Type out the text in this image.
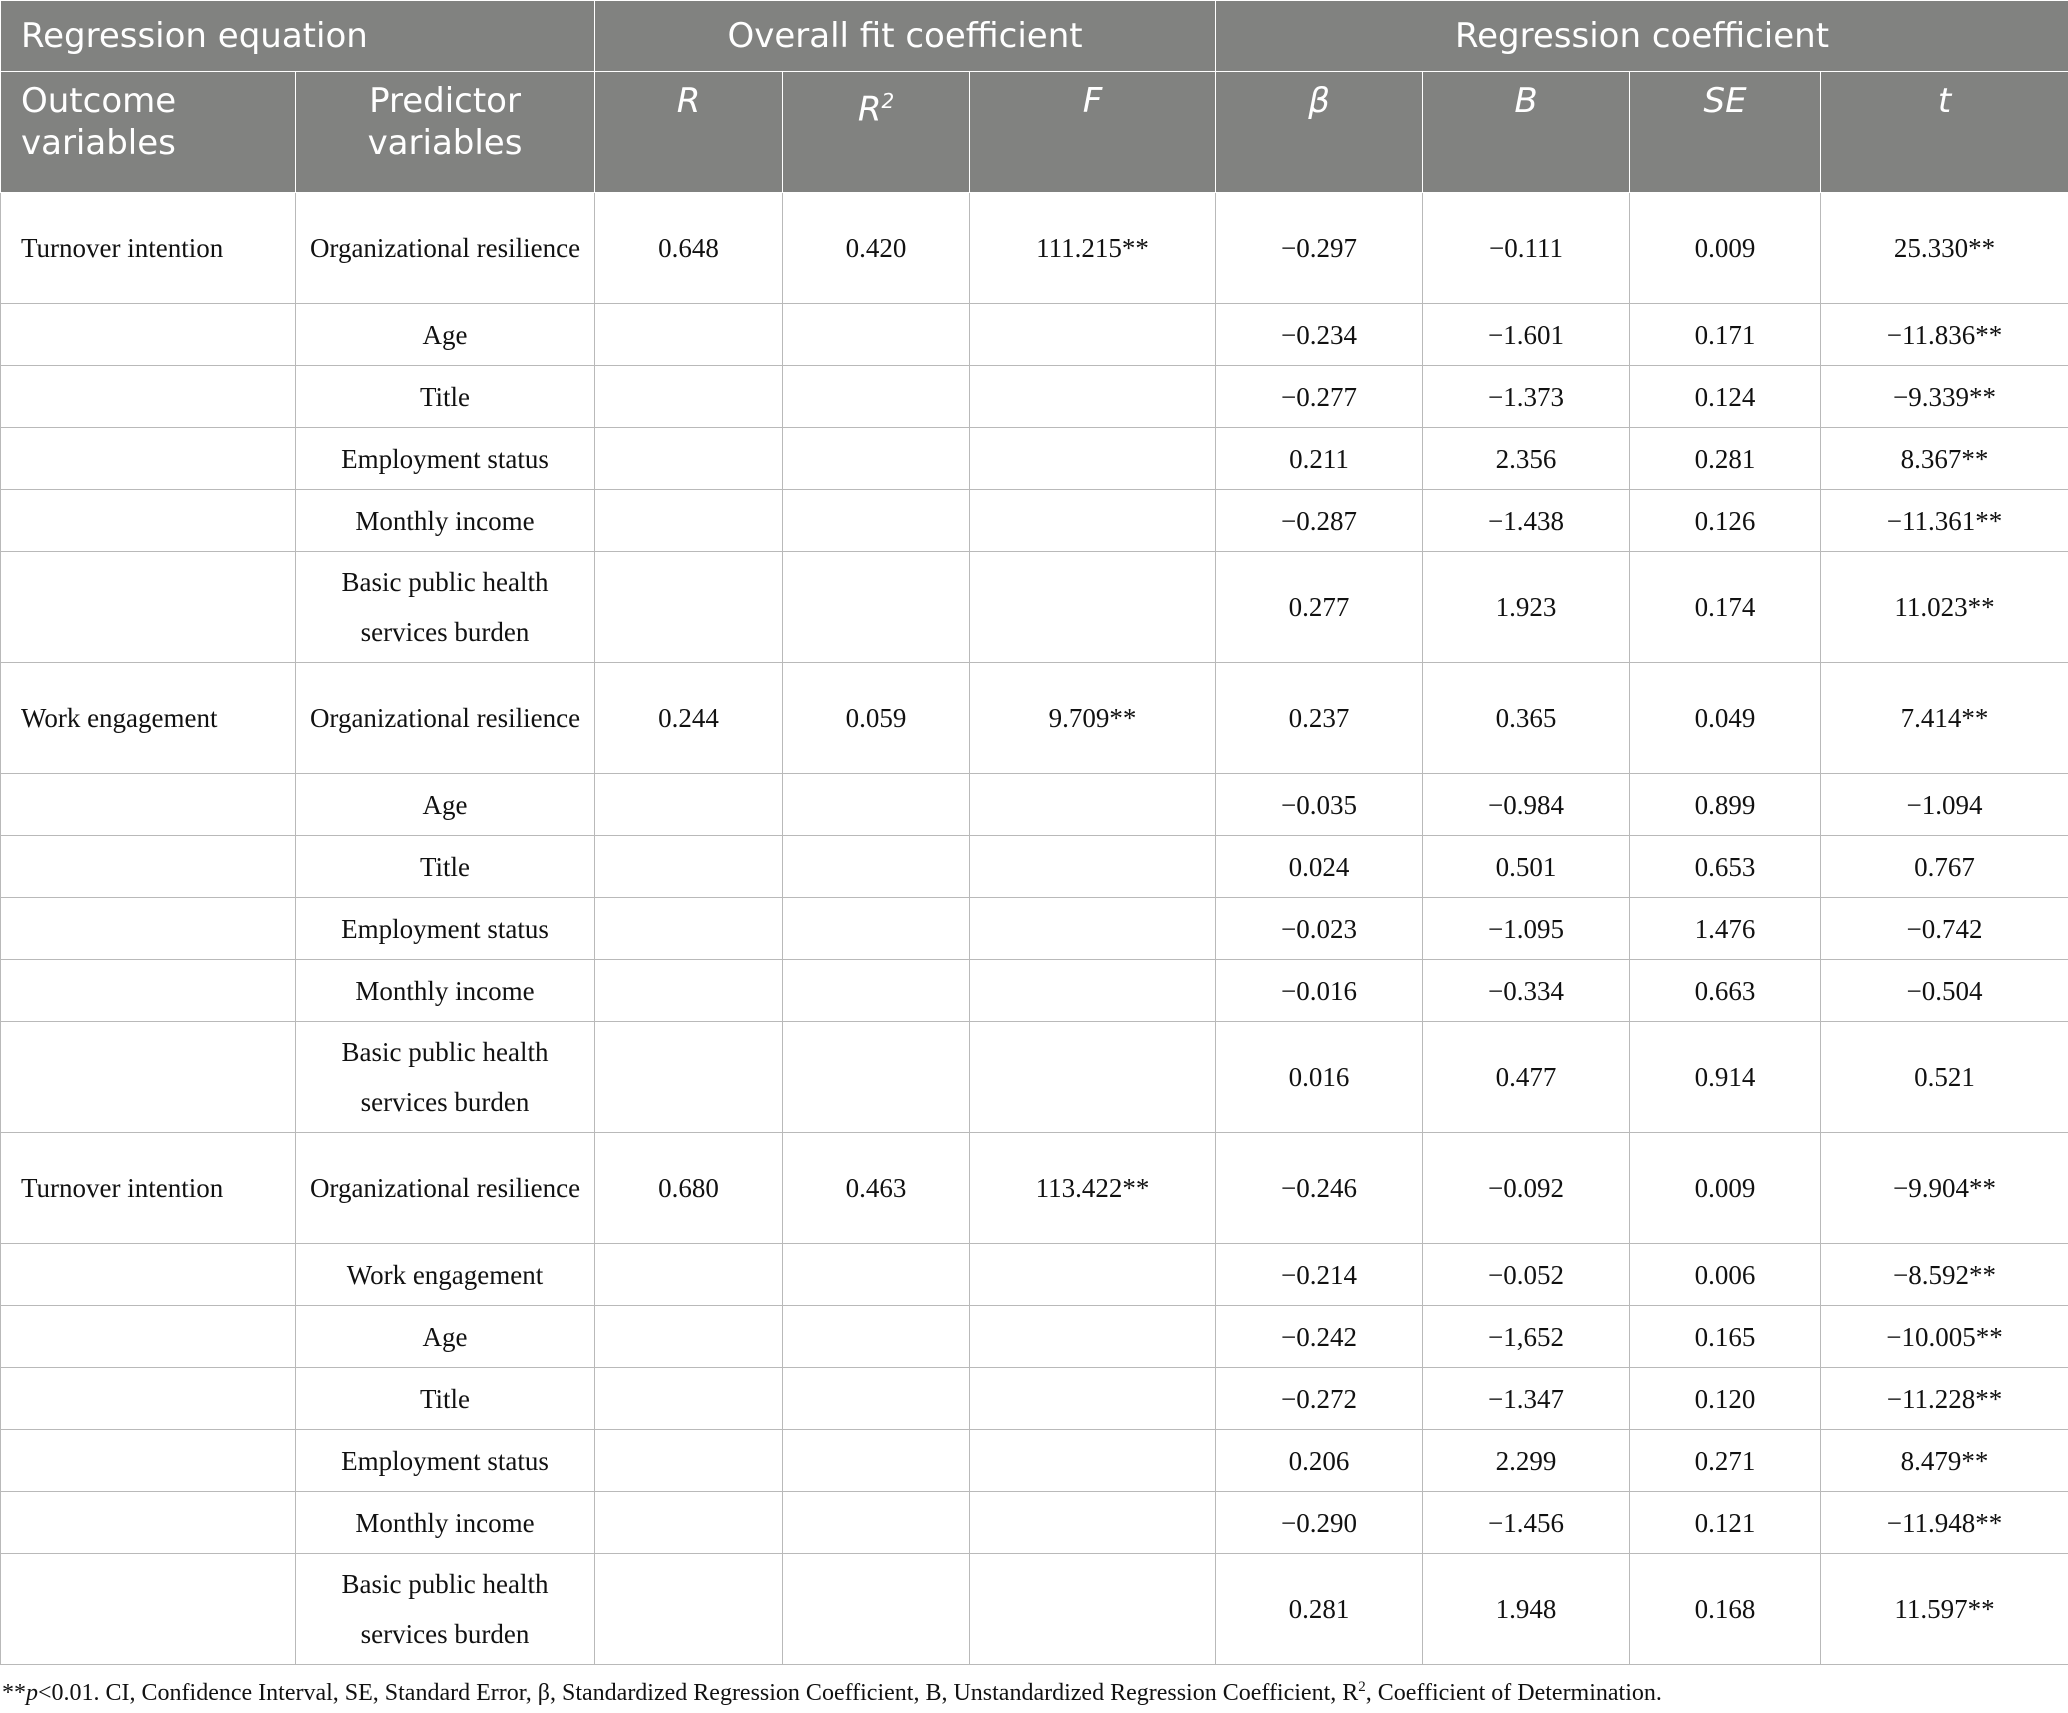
Regression equation		Overall fit coefficient			Regression coefficient			
Outcome variables	Predictor variables	R	$R^2$	F	β	B	SE	t
Turnover intention	Organizational resilience	0.648	0.420	111.215**	−0.297	−0.111	0.009	25.330**
	Age				−0.234	−1.601	0.171	−11.836**
	Title				−0.277	−1.373	0.124	−9.339**
	Employment status				0.211	2.356	0.281	8.367**
	Monthly income				−0.287	−1.438	0.126	−11.361**
	Basic public health services burden				0.277	1.923	0.174	11.023**
Work engagement	Organizational resilience	0.244	0.059	9.709**	0.237	0.365	0.049	7.414**
	Age				−0.035	−0.984	0.899	−1.094
	Title				0.024	0.501	0.653	0.767
	Employment status				−0.023	−1.095	1.476	−0.742
	Monthly income				−0.016	−0.334	0.663	−0.504
	Basic public health services burden				0.016	0.477	0.914	0.521
Turnover intention	Organizational resilience	0.680	0.463	113.422**	−0.246	−0.092	0.009	−9.904**
	Work engagement				−0.214	−0.052	0.006	−8.592**
	Age				−0.242	−1,652	0.165	−10.005**
	Title				−0.272	−1.347	0.120	−11.228**
	Employment status				0.206	2.299	0.271	8.479**
	Monthly income				−0.290	−1.456	0.121	−11.948**
	Basic public health services burden				0.281	1.948	0.168	11.597**
**p<0.01. CI, Confidence Interval, SE, Standard Error, β, Standardized Regression Coefficient, B, Unstandardized Regression Coefficient, $R^2$, Coefficient of Determination.
